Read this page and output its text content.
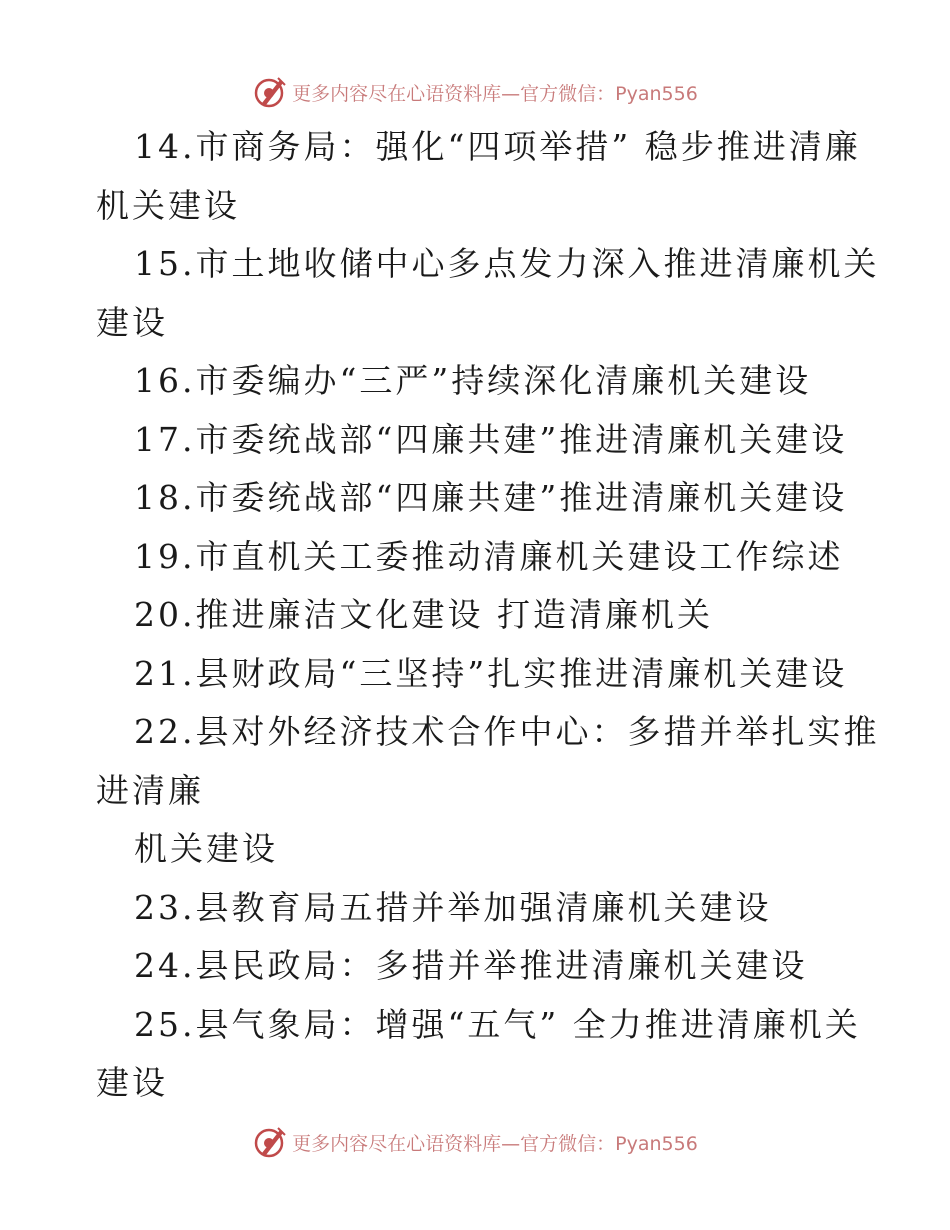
更多内容尽在心语资料库—官方微信：Pyan556
14.市商务局：强化“四项举措” 稳步推进清廉
机关建设
15.市土地收储中心多点发力深入推进清廉机关
建设
16.市委编办“三严”持续深化清廉机关建设
17.市委统战部“四廉共建”推进清廉机关建设
18.市委统战部“四廉共建”推进清廉机关建设
19.市直机关工委推动清廉机关建设工作综述
20.推进廉洁文化建设 打造清廉机关
21.县财政局“三坚持”扎实推进清廉机关建设
22.县对外经济技术合作中心：多措并举扎实推
进清廉
机关建设
23.县教育局五措并举加强清廉机关建设
24.县民政局：多措并举推进清廉机关建设
25.县气象局：增强“五气” 全力推进清廉机关
建设
更多内容尽在心语资料库—官方微信：Pyan556
